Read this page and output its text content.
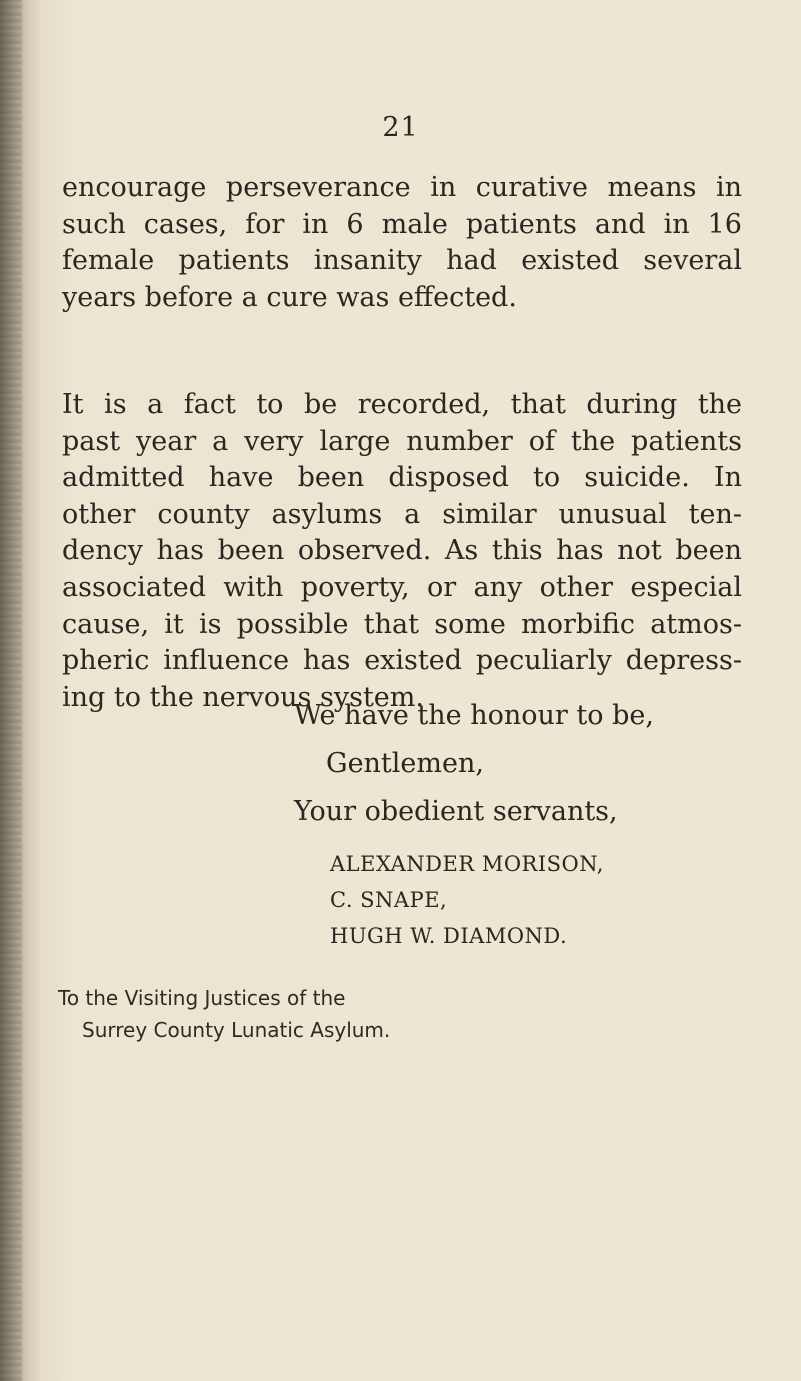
21
encourage perseverance in curative means in
such cases, for in 6 male patients and in 16
female patients insanity had existed several
years before a cure was effected.
It is a fact to be recorded, that during the
past year a very large number of the patients
admitted have been disposed to suicide. In
other county asylums a similar unusual ten-
dency has been observed. As this has not been
associated with poverty, or any other especial
cause, it is possible that some morbific atmos-
pheric influence has existed peculiarly depress-
ing to the nervous system.
We have the honour to be,
Gentlemen,
Your obedient servants,
ALEXANDER MORISON,
C. SNAPE,
HUGH W. DIAMOND.
To the Visiting Justices of the
Surrey County Lunatic Asylum.
